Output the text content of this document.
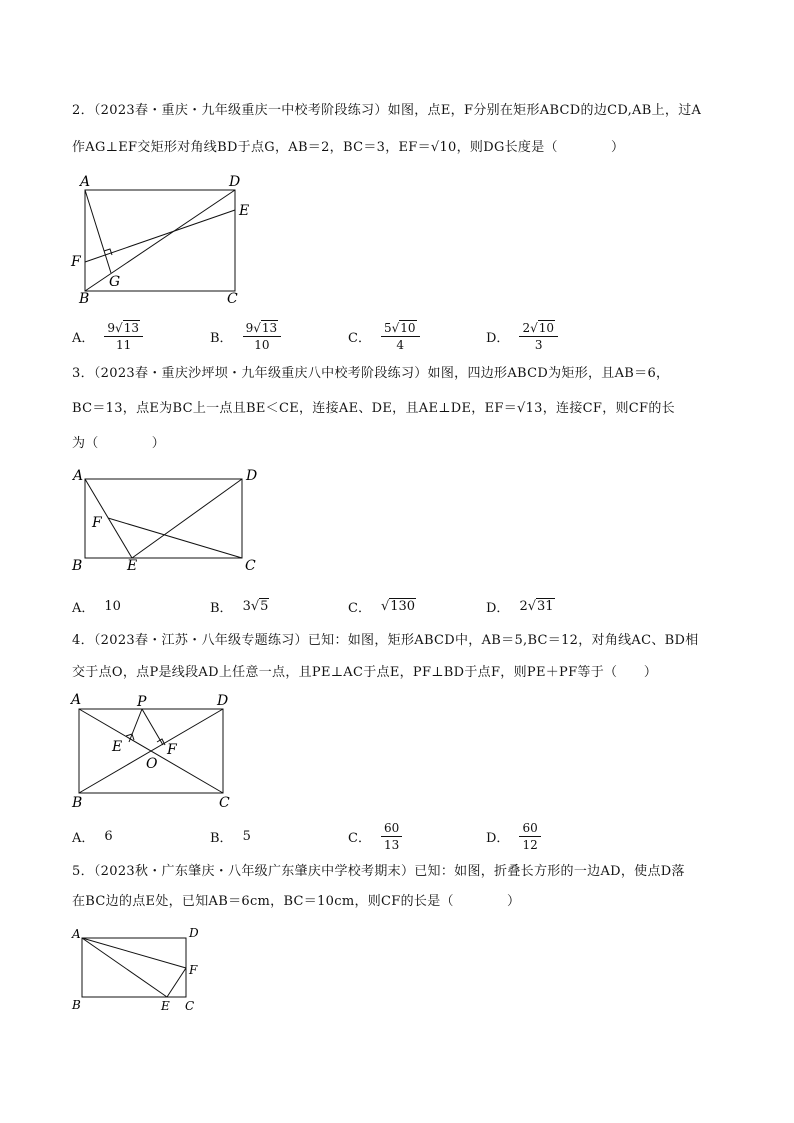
2．（2023春・重庆・九年级重庆一中校考阶段练习）如图，点E，F分别在矩形ABCD的边CD,AB上，过A
作AG⊥EF交矩形对角线BD于点G，AB＝2，BC＝3，EF＝√10，则DG长度是（　　　　）
A	D
E
F
G
B	C
A． $\frac{9√13}{11}$	B． $\frac{9√13}{10}$	C． $\frac{5√10}{4}$	D． $\frac{2√10}{3}$
3．（2023春・重庆沙坪坝・九年级重庆八中校考阶段练习）如图，四边形ABCD为矩形，且AB＝6，
BC＝13，点E为BC上一点且BE＜CE，连接AE、DE，且AE⊥DE，EF＝√13，连接CF，则CF的长
为（　　　　）
A	D
F
B	E	C
A． 10	B． 3√5	C． √130	D． 2√31
4．（2023春・江苏・八年级专题练习）已知：如图，矩形ABCD中，AB＝5,BC＝12，对角线AC、BD相
交于点O，点P是线段AD上任意一点，且PE⊥AC于点E，PF⊥BD于点F，则PE＋PF等于（　　）
A	P	D
E	F
O
B	C
A． 6	B． 5	C． $\frac{60}{13}$	D． $\frac{60}{12}$
5．（2023秋・广东肇庆・八年级广东肇庆中学校考期末）已知：如图，折叠长方形的一边AD，使点D落
在BC边的点E处，已知AB＝6cm，BC＝10cm，则CF的长是（　　　　）
A	D
F
B	E C
